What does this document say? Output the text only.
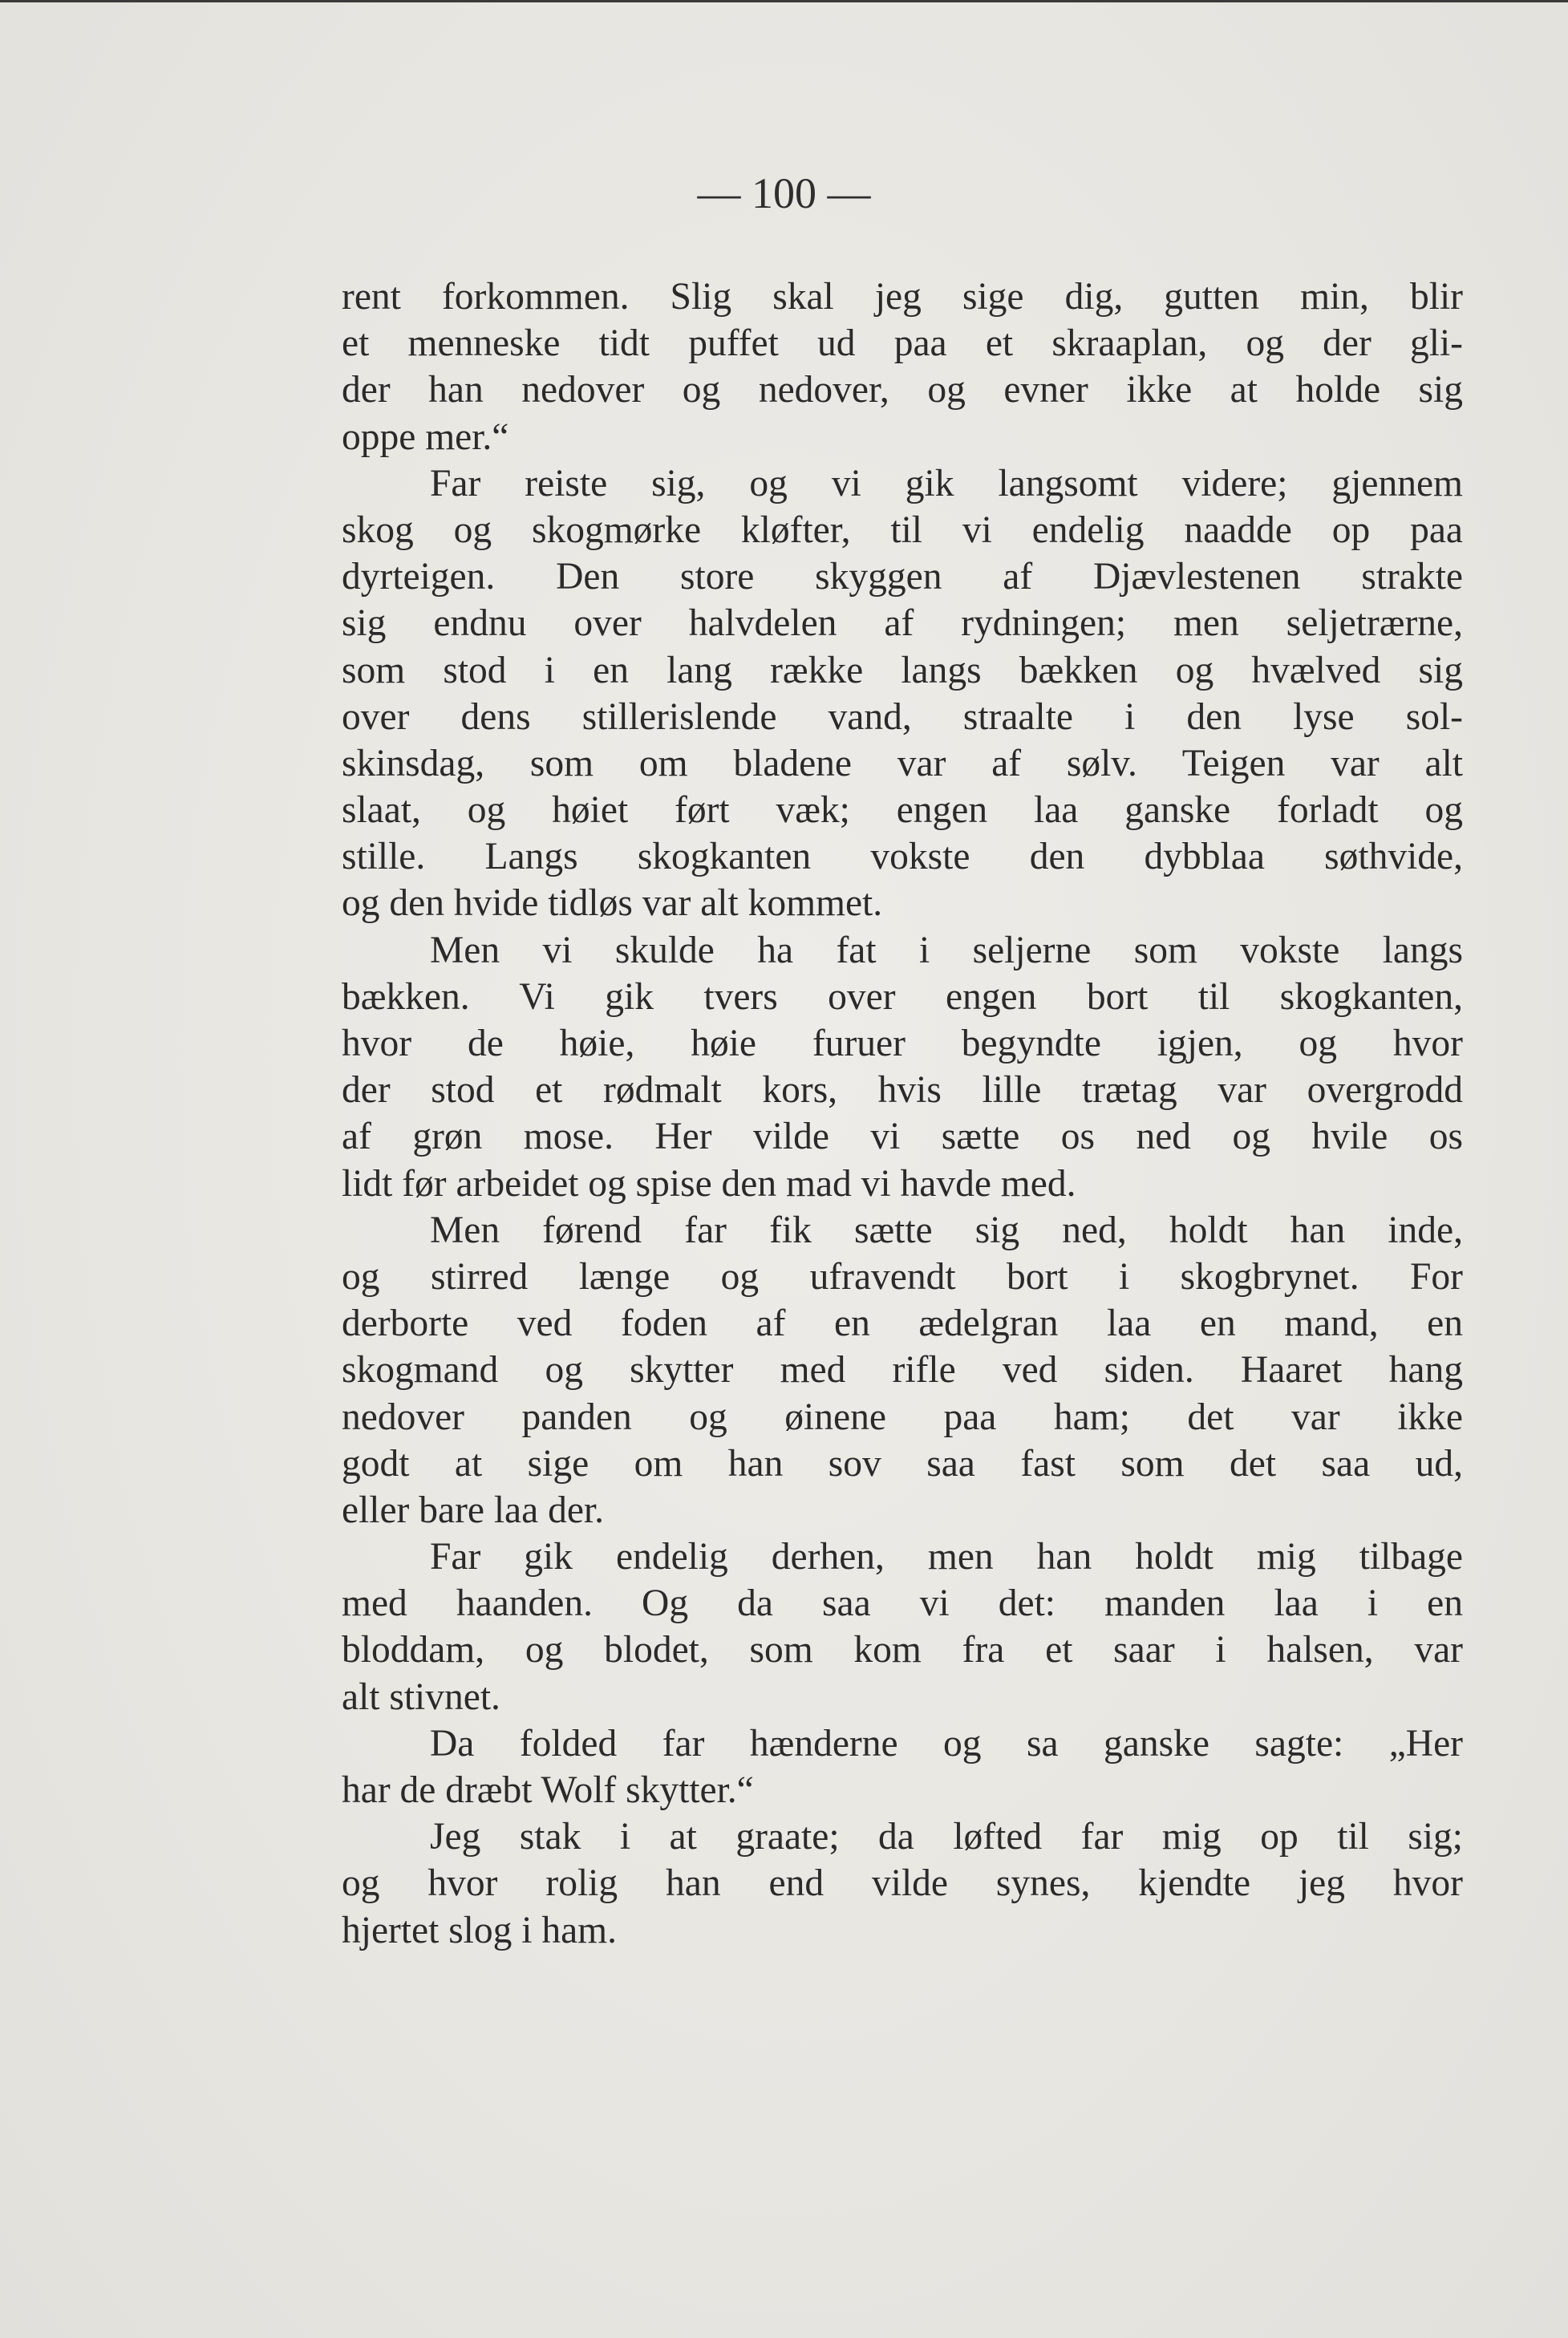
— 100 —
rent forkommen. Slig skal jeg sige dig, gutten min, blir
et menneske tidt puffet ud paa et skraaplan, og der gli-
der han nedover og nedover, og evner ikke at holde sig
oppe mer.“
Far reiste sig, og vi gik langsomt videre; gjennem
skog og skogmørke kløfter, til vi endelig naadde op paa
dyrteigen. Den store skyggen af Djævlestenen strakte
sig endnu over halvdelen af rydningen; men seljetrærne,
som stod i en lang række langs bækken og hvælved sig
over dens stillerislende vand, straalte i den lyse sol-
skinsdag, som om bladene var af sølv. Teigen var alt
slaat, og høiet ført væk; engen laa ganske forladt og
stille. Langs skogkanten vokste den dybblaa søthvide,
og den hvide tidløs var alt kommet.
Men vi skulde ha fat i seljerne som vokste langs
bækken. Vi gik tvers over engen bort til skogkanten,
hvor de høie, høie furuer begyndte igjen, og hvor
der stod et rødmalt kors, hvis lille trætag var overgrodd
af grøn mose. Her vilde vi sætte os ned og hvile os
lidt før arbeidet og spise den mad vi havde med.
Men førend far fik sætte sig ned, holdt han inde,
og stirred længe og ufravendt bort i skogbrynet. For
derborte ved foden af en ædelgran laa en mand, en
skogmand og skytter med rifle ved siden. Haaret hang
nedover panden og øinene paa ham; det var ikke
godt at sige om han sov saa fast som det saa ud,
eller bare laa der.
Far gik endelig derhen, men han holdt mig tilbage
med haanden. Og da saa vi det: manden laa i en
bloddam, og blodet, som kom fra et saar i halsen, var
alt stivnet.
Da folded far hænderne og sa ganske sagte: „Her
har de dræbt Wolf skytter.“
Jeg stak i at graate; da løfted far mig op til sig;
og hvor rolig han end vilde synes, kjendte jeg hvor
hjertet slog i ham.
